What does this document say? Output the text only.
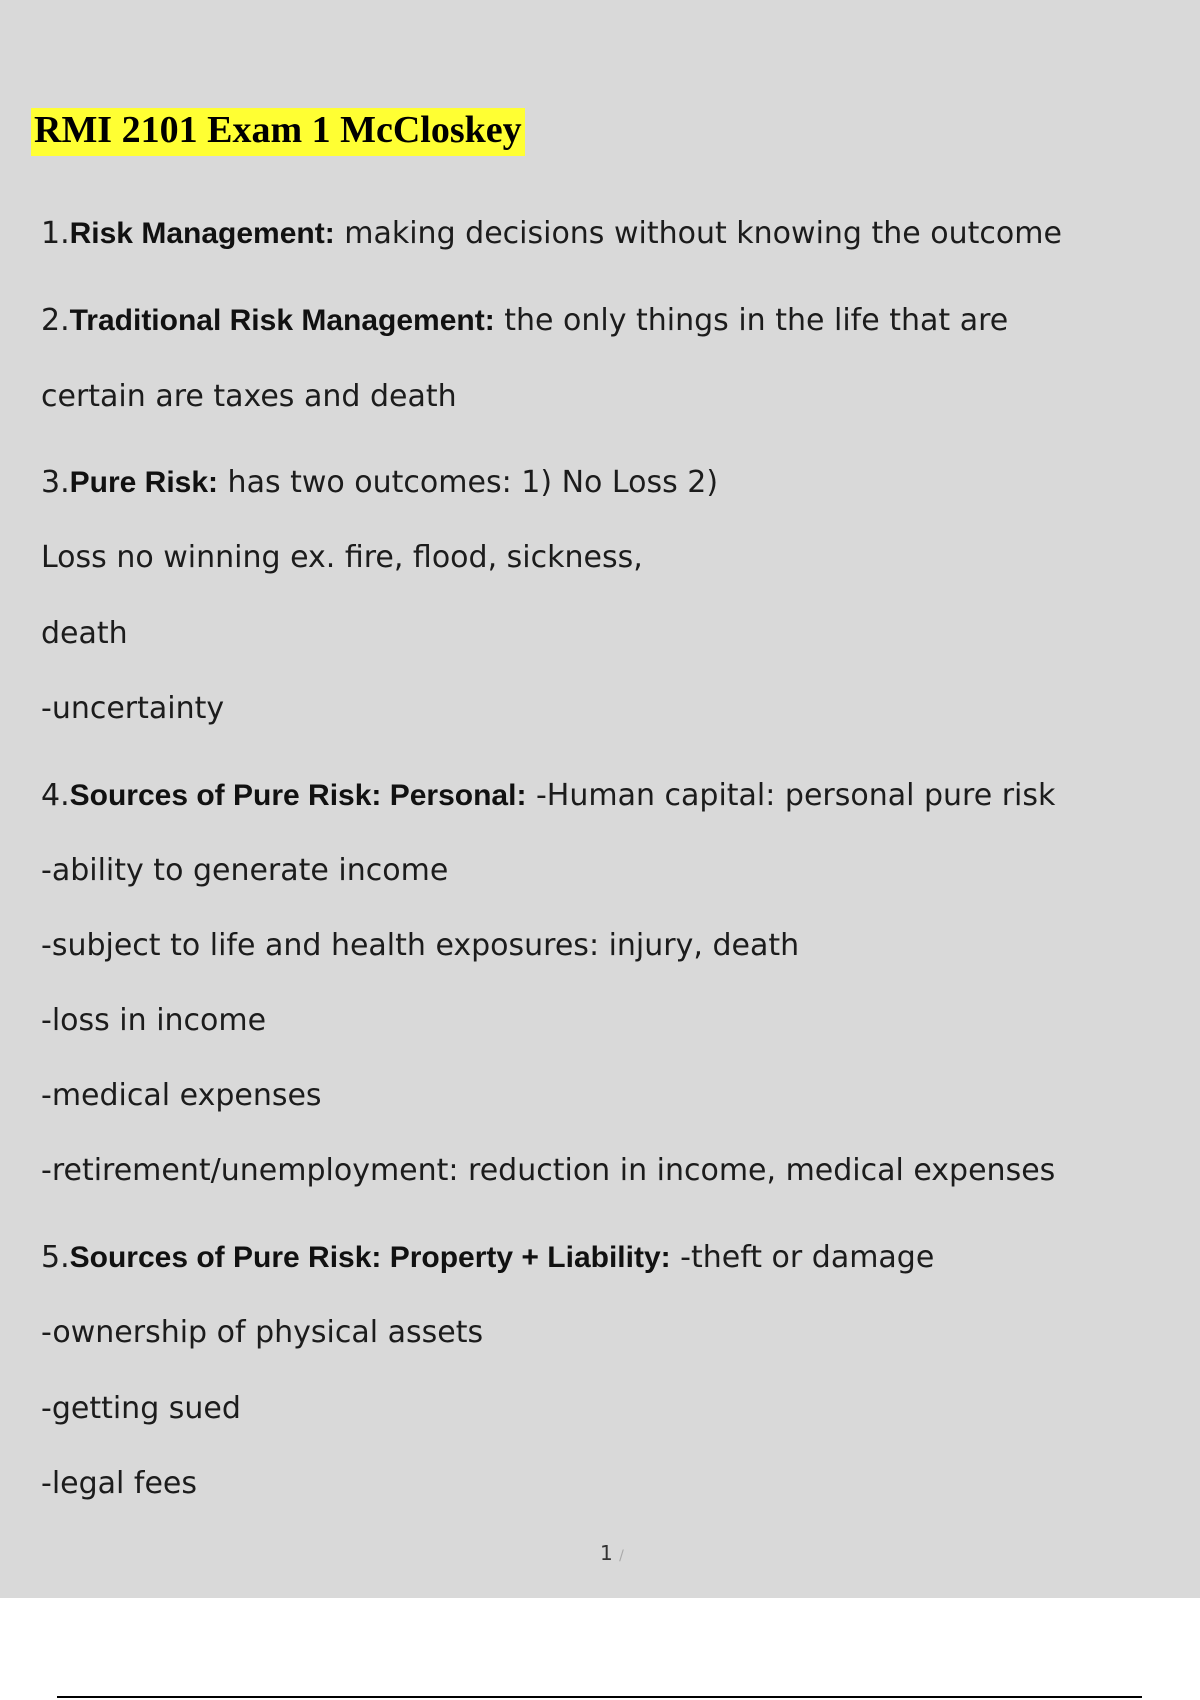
RMI 2101 Exam 1 McCloskey

1.Risk Management: making decisions without knowing the outcome

2.Traditional Risk Management: the only things in the life that are

certain are taxes and death

3.Pure Risk: has two outcomes: 1) No Loss 2)

Loss no winning ex. fire, flood, sickness,

death

-uncertainty

4.Sources of Pure Risk: Personal: -Human capital: personal pure risk

-ability to generate income

-subject to life and health exposures: injury, death

-loss in income

-medical expenses

-retirement/unemployment: reduction in income, medical expenses

5.Sources of Pure Risk: Property + Liability: -theft or damage

-ownership of physical assets

-getting sued

-legal fees

1 /
